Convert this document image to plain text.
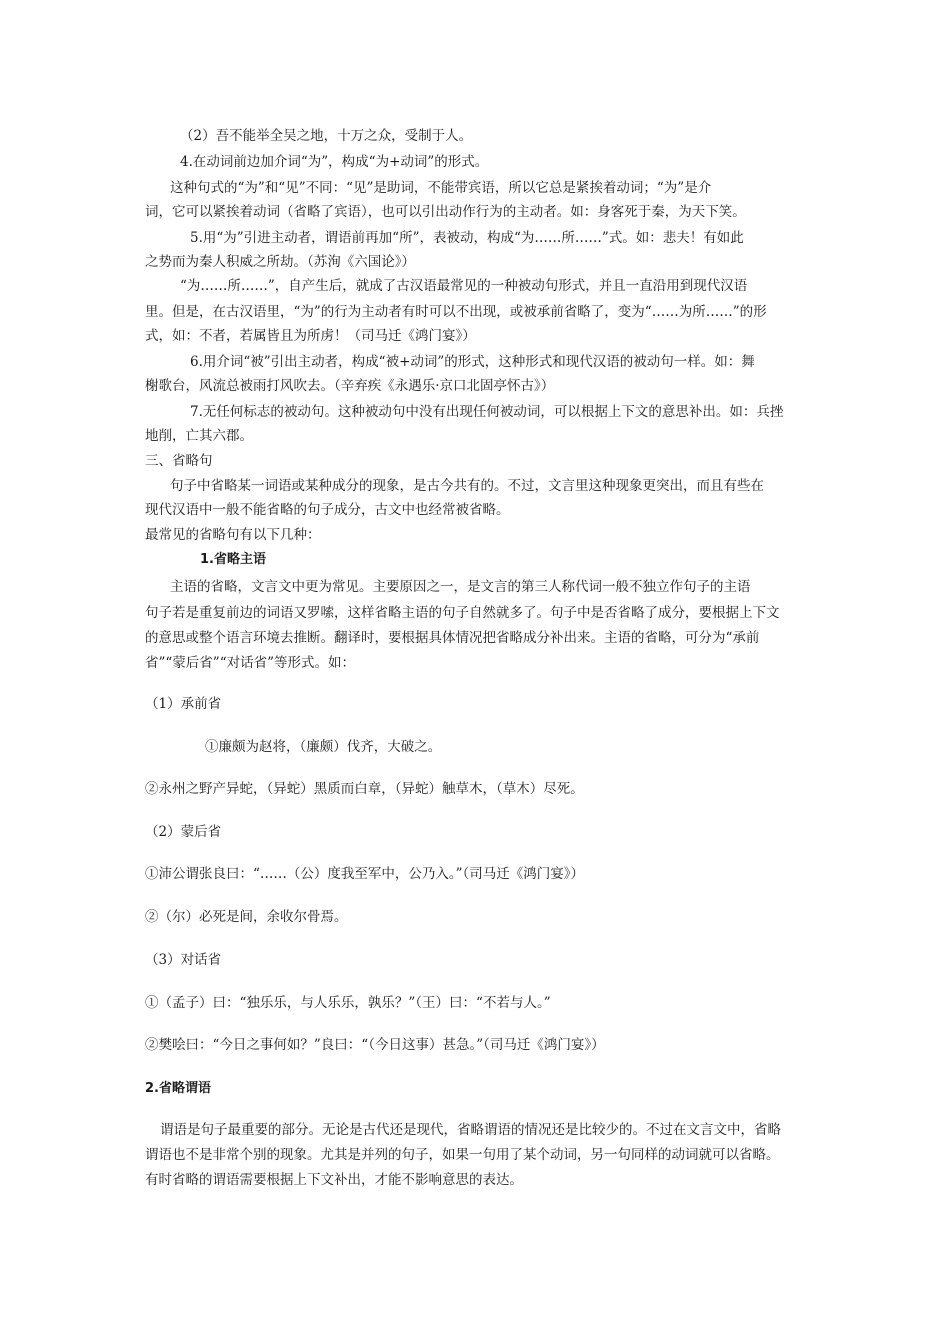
（2）吾不能举全吴之地，十万之众，受制于人。
4.在动词前边加介词“为”，构成“为+动词”的形式。
这种句式的“为”和“见”不同：“见”是助词，不能带宾语，所以它总是紧挨着动词；“为”是介
词，它可以紧挨着动词（省略了宾语），也可以引出动作行为的主动者。如：身客死于秦，为天下笑。
5.用“为”引进主动者，谓语前再加“所”，表被动，构成“为……所……”式。如：悲夫！有如此
之势而为秦人积威之所劫。（苏洵《六国论》）
“为……所……”，自产生后，就成了古汉语最常见的一种被动句形式，并且一直沿用到现代汉语
里。但是，在古汉语里，“为”的行为主动者有时可以不出现，或被承前省略了，变为“……为所……”的形
式，如：不者，若属皆且为所虏！（司马迁《鸿门宴》）
6.用介词“被”引出主动者，构成“被+动词”的形式，这种形式和现代汉语的被动句一样。如：舞
榭歌台，风流总被雨打风吹去。（辛弃疾《永遇乐·京口北固亭怀古》）
7.无任何标志的被动句。这种被动句中没有出现任何被动词，可以根据上下文的意思补出。如：兵挫
地削，亡其六郡。
三、省略句
句子中省略某一词语或某种成分的现象，是古今共有的。不过，文言里这种现象更突出，而且有些在
现代汉语中一般不能省略的句子成分，古文中也经常被省略。
最常见的省略句有以下几种：
1.省略主语
主语的省略，文言文中更为常见。主要原因之一，是文言的第三人称代词一般不独立作句子的主语
句子若是重复前边的词语又罗嗦，这样省略主语的句子自然就多了。句子中是否省略了成分，要根据上下文
的意思或整个语言环境去推断。翻译时，要根据具体情况把省略成分补出来。主语的省略，可分为“承前
省”“蒙后省”“对话省”等形式。如：
（1）承前省
①廉颇为赵将，（廉颇）伐齐，大破之。
②永州之野产异蛇，（异蛇）黑质而白章，（异蛇）触草木，（草木）尽死。
（2）蒙后省
①沛公谓张良曰：“……（公）度我至军中，公乃入。”（司马迁《鸿门宴》）
②（尔）必死是间，余收尔骨焉。
（3）对话省
①（孟子）曰：“独乐乐，与人乐乐，孰乐？”（王）曰：“不若与人。”
②樊哙曰：“今日之事何如？”良曰：“（今日这事）甚急。”（司马迁《鸿门宴》）
2.省略谓语
谓语是句子最重要的部分。无论是古代还是现代，省略谓语的情况还是比较少的。不过在文言文中，省略
谓语也不是非常个别的现象。尤其是并列的句子，如果一句用了某个动词，另一句同样的动词就可以省略。
有时省略的谓语需要根据上下文补出，才能不影响意思的表达。
